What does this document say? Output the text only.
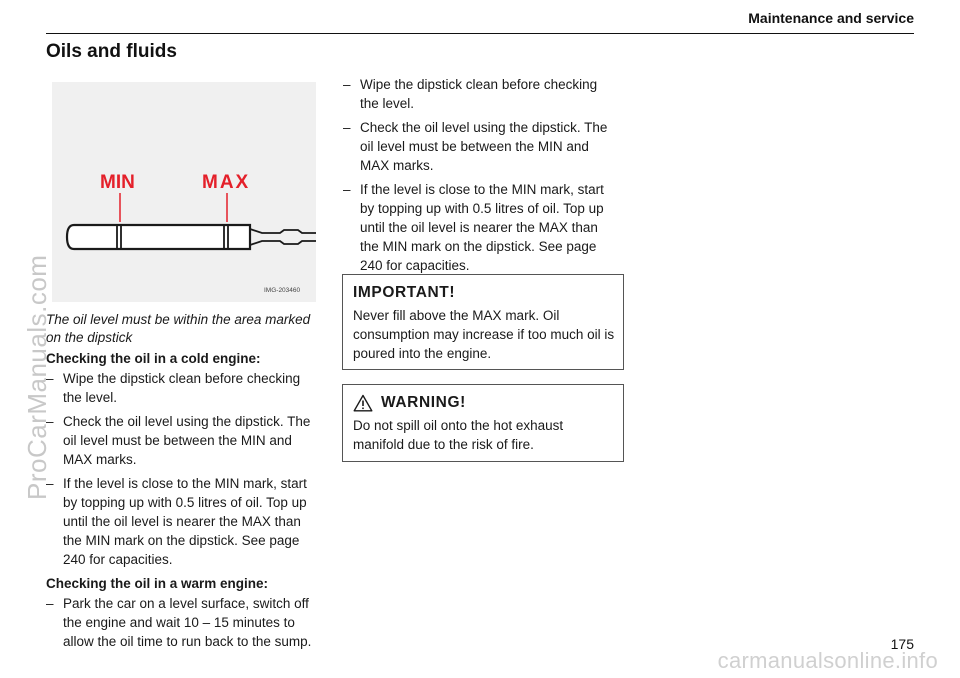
Maintenance and service
Oils and fluids
ProCarManuals.com
MIN	MAX
IMG-203460
The oil level must be within the area marked on the dipstick
Checking the oil in a cold engine:
– Wipe the dipstick clean before checking the level.
– Check the oil level using the dipstick. The oil level must be between the MIN and MAX marks.
– If the level is close to the MIN mark, start by topping up with 0.5 litres of oil. Top up until the oil level is nearer the MAX than the MIN mark on the dipstick. See page 240 for capacities.
Checking the oil in a warm engine:
– Park the car on a level surface, switch off the engine and wait 10 – 15 minutes to allow the oil time to run back to the sump.
– Wipe the dipstick clean before checking the level.
– Check the oil level using the dipstick. The oil level must be between the MIN and MAX marks.
– If the level is close to the MIN mark, start by topping up with 0.5 litres of oil. Top up until the oil level is nearer the MAX than the MIN mark on the dipstick. See page 240 for capacities.
IMPORTANT!
Never fill above the MAX mark. Oil consumption may increase if too much oil is poured into the engine.
WARNING!
Do not spill oil onto the hot exhaust manifold due to the risk of fire.
175
carmanualsonline.info
